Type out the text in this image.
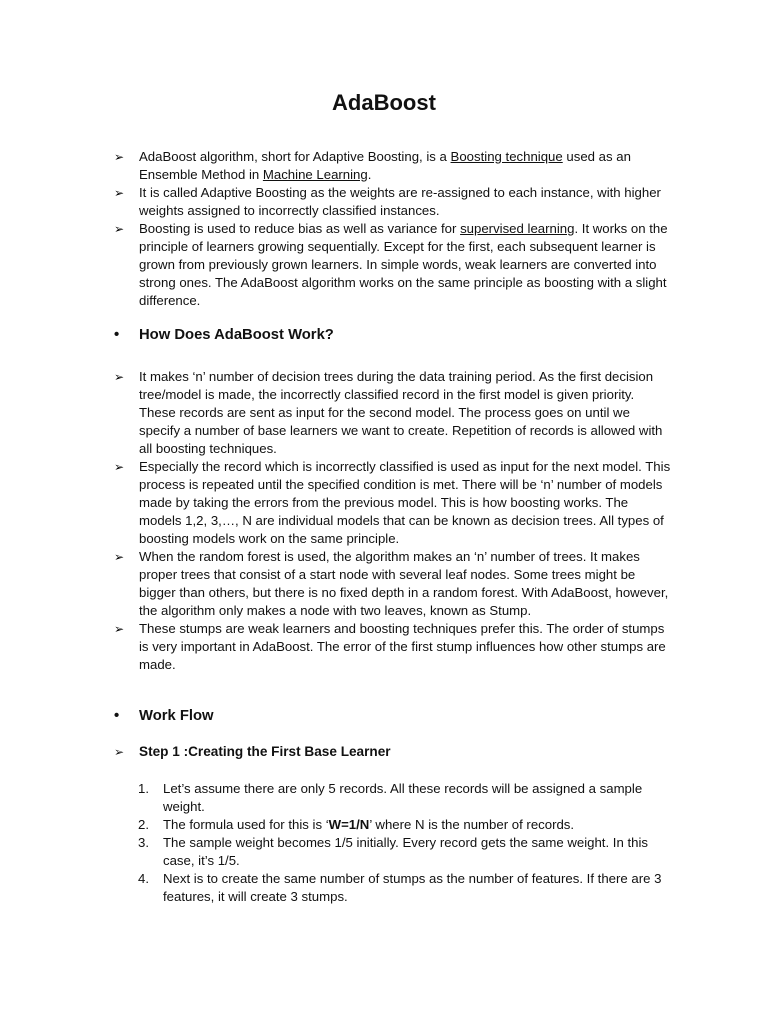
AdaBoost
➢	AdaBoost algorithm, short for Adaptive Boosting, is a Boosting technique used as an Ensemble Method in Machine Learning.
➢	It is called Adaptive Boosting as the weights are re-assigned to each instance, with higher weights assigned to incorrectly classified instances.
➢	Boosting is used to reduce bias as well as variance for supervised learning. It works on the principle of learners growing sequentially. Except for the first, each subsequent learner is grown from previously grown learners. In simple words, weak learners are converted into strong ones. The AdaBoost algorithm works on the same principle as boosting with a slight difference.
• How Does AdaBoost Work?
➢	It makes ‘n’ number of decision trees during the data training period. As the first decision tree/model is made, the incorrectly classified record in the first model is given priority. These records are sent as input for the second model. The process goes on until we specify a number of base learners we want to create. Repetition of records is allowed with all boosting techniques.
➢	Especially the record which is incorrectly classified is used as input for the next model. This process is repeated until the specified condition is met. There will be ‘n’ number of models made by taking the errors from the previous model. This is how boosting works. The models 1,2, 3,…, N are individual models that can be known as decision trees. All types of boosting models work on the same principle.
➢	When the random forest is used, the algorithm makes an ‘n’ number of trees. It makes proper trees that consist of a start node with several leaf nodes. Some trees might be bigger than others, but there is no fixed depth in a random forest. With AdaBoost, however, the algorithm only makes a node with two leaves, known as Stump.
➢	These stumps are weak learners and boosting techniques prefer this. The order of stumps is very important in AdaBoost. The error of the first stump influences how other stumps are made.
• Work Flow
➢ Step 1 :Creating the First Base Learner
1. Let’s assume there are only 5 records. All these records will be assigned a sample weight.
2. The formula used for this is ‘W=1/N’ where N is the number of records.
3. The sample weight becomes 1/5 initially. Every record gets the same weight. In this case, it’s 1/5.
4. Next is to create the same number of stumps as the number of features. If there are 3 features, it will create 3 stumps.
